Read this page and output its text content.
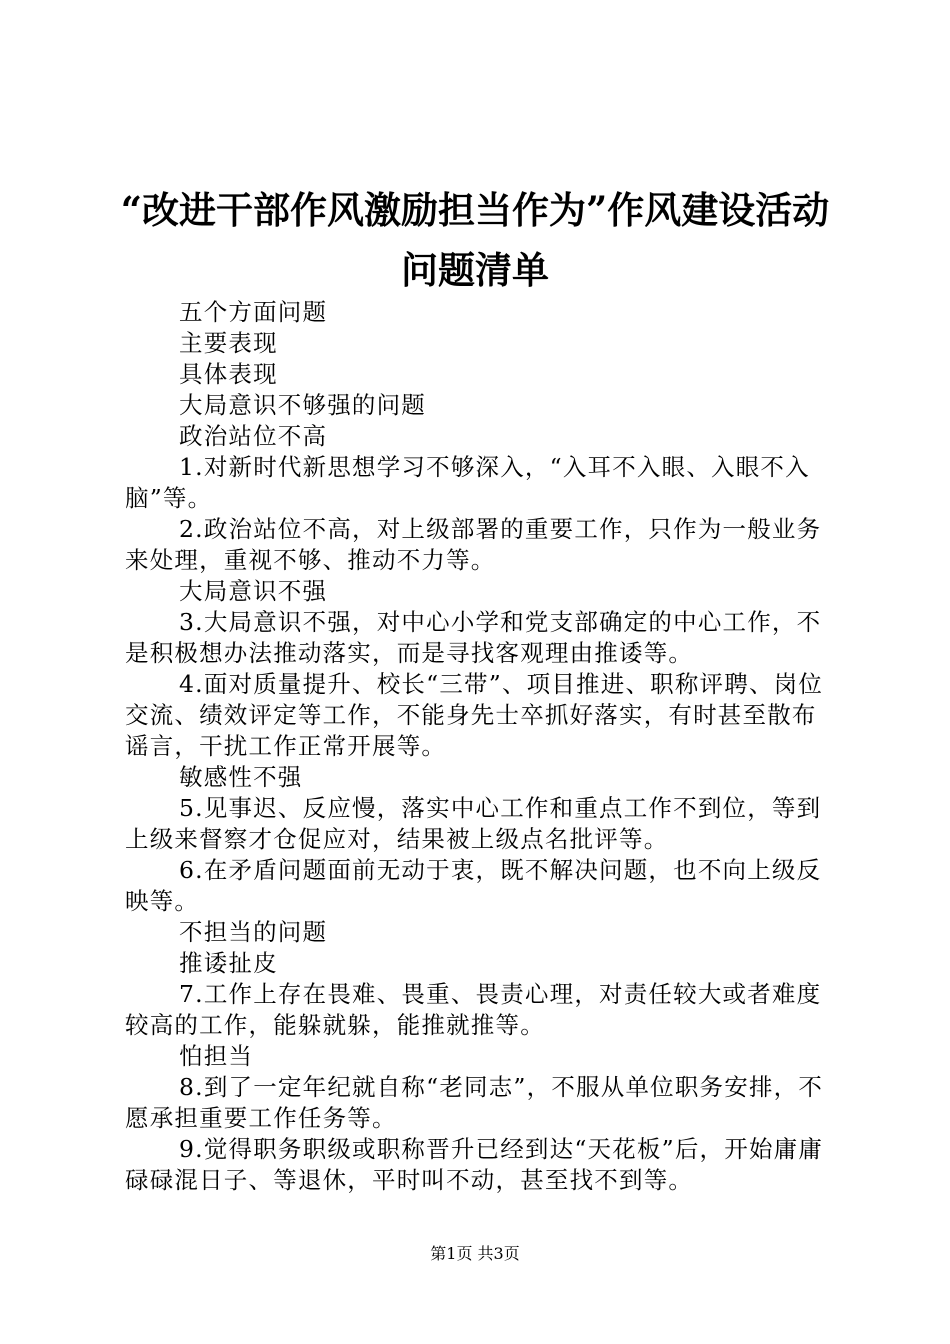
“改进干部作风激励担当作为”作风建设活动
问题清单

五个方面问题

主要表现

具体表现

大局意识不够强的问题

政治站位不高

1.对新时代新思想学习不够深入，“入耳不入眼、入眼不入脑”等。

2.政治站位不高，对上级部署的重要工作，只作为一般业务来处理，重视不够、推动不力等。

大局意识不强

3.大局意识不强，对中心小学和党支部确定的中心工作，不是积极想办法推动落实，而是寻找客观理由推诿等。

4.面对质量提升、校长“三带”、项目推进、职称评聘、岗位交流、绩效评定等工作，不能身先士卒抓好落实，有时甚至散布谣言，干扰工作正常开展等。

敏感性不强

5.见事迟、反应慢，落实中心工作和重点工作不到位，等到上级来督察才仓促应对，结果被上级点名批评等。

6.在矛盾问题面前无动于衷，既不解决问题，也不向上级反映等。

不担当的问题

推诿扯皮

7.工作上存在畏难、畏重、畏责心理，对责任较大或者难度较高的工作，能躲就躲，能推就推等。

怕担当

8.到了一定年纪就自称“老同志”，不服从单位职务安排，不愿承担重要工作任务等。

9.觉得职务职级或职称晋升已经到达“天花板”后，开始庸庸碌碌混日子、等退休，平时叫不动，甚至找不到等。

第1页 共3页
